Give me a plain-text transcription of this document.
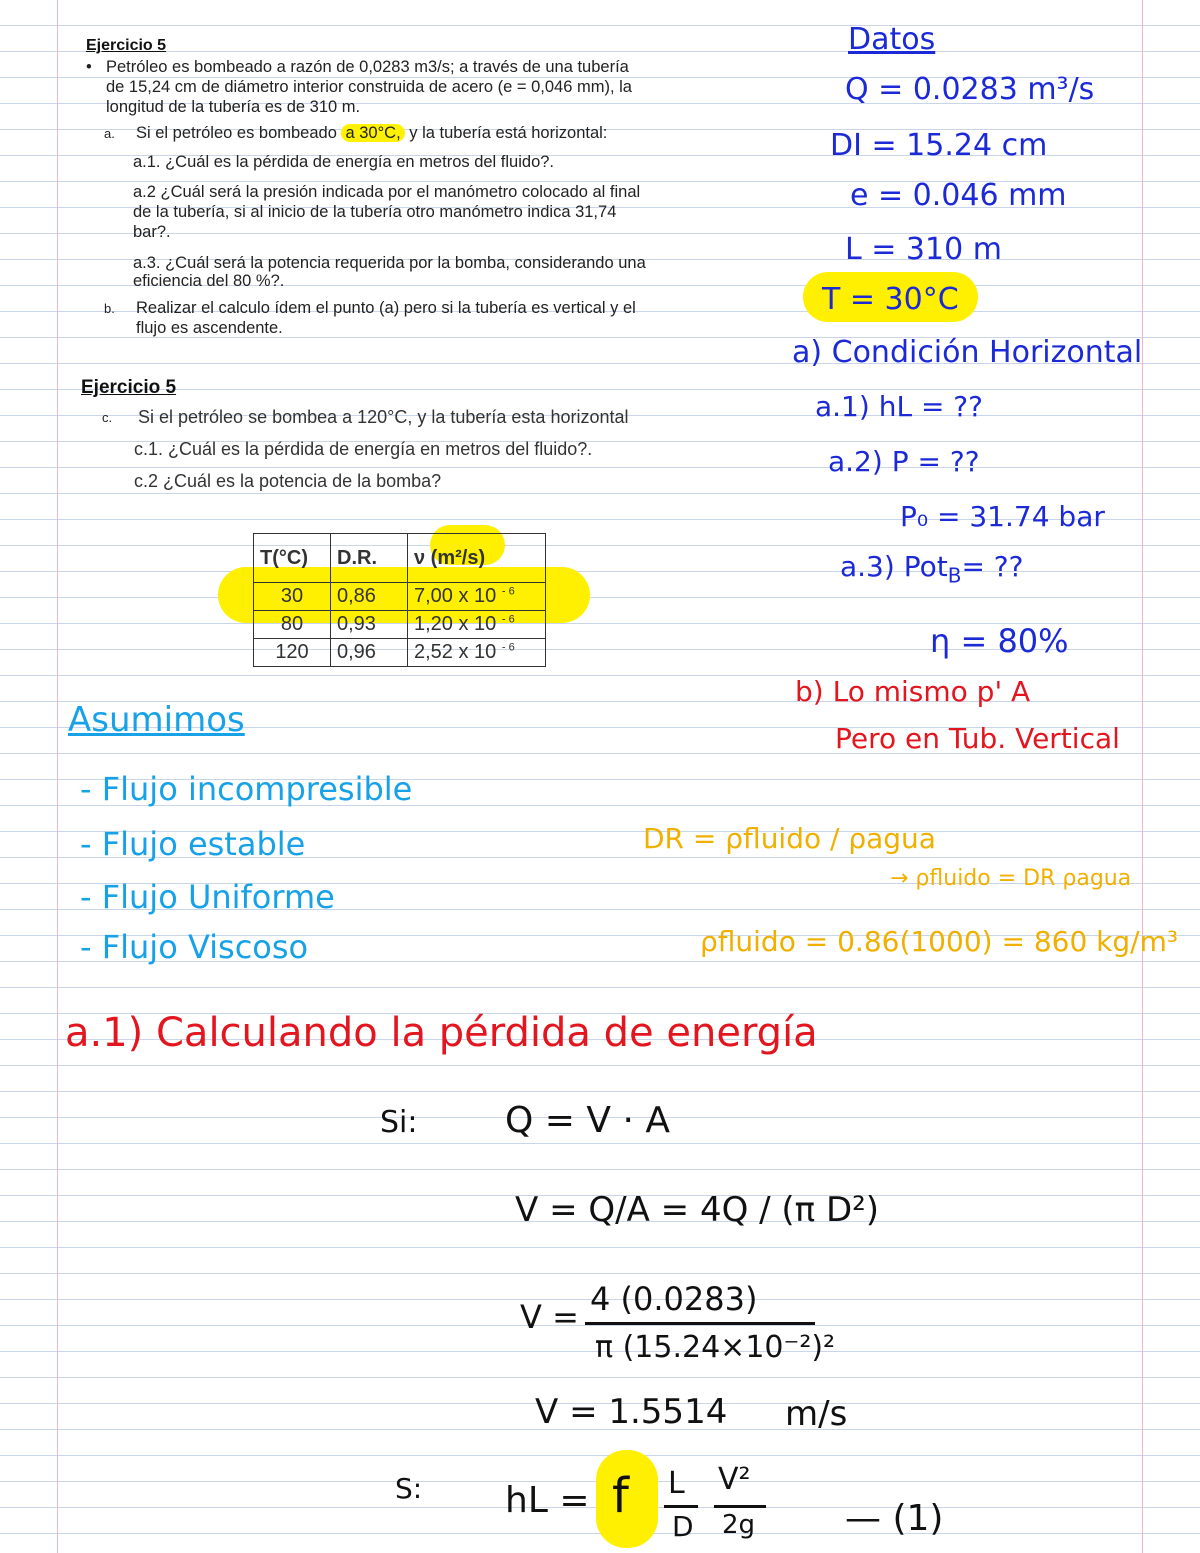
Ejercicio 5
• Petróleo es bombeado a razón de 0,0283 m3/s; a través de una tubería
de 15,24 cm de diámetro interior construida de acero (e = 0,046 mm), la
longitud de la tubería es de 310 m.
a. Si el petróleo es bombeado a 30°C, y la tubería está horizontal:
a.1. ¿Cuál es la pérdida de energía en metros del fluido?.
a.2 ¿Cuál será la presión indicada por el manómetro colocado al final
de la tubería, si al inicio de la tubería otro manómetro indica 31,74
bar?.
a.3. ¿Cuál será la potencia requerida por la bomba, considerando una
eficiencia del 80 %?.
b. Realizar el calculo ídem el punto (a) pero si la tubería es vertical y el
flujo es ascendente.
Ejercicio 5
c. Si el petróleo se bombea a 120°C, y la tubería esta horizontal
c.1. ¿Cuál es la pérdida de energía en metros del fluido?.
c.2 ¿Cuál es la potencia de la bomba?
T(°C)	D.R.	ν (m²/s)
30	0,86	7,00 x 10 $^{- 6}$
80	0,93	1,20 x 10 $^{- 6}$
120	0,96	2,52 x 10 $^{- 6}$
Datos
Q = 0.0283 m³/s
DI = 15.24 cm
e = 0.046 mm
L = 310 m
T = 30°C
a) Condición Horizontal
a.1) hL = ??
a.2) P = ??
P₀ = 31.74 bar
a.3) Pot$_B$= ??
η = 80%
b) Lo mismo p' A
Pero en Tub. Vertical
Asumimos
- Flujo incompresible
- Flujo estable
- Flujo Uniforme
- Flujo Viscoso
DR = ρfluido / ρagua
→ ρfluido = DR ρagua
ρfluido = 0.86(1000) = 860 kg/m³
a.1) Calculando la pérdida de energía
Si: Q = V · A
V = Q/A = 4Q / (π D²)
V = 4 (0.0283)
π (15.24×10⁻²)²
V = 1.5514 m/s
S: hL = f L
D
V²
2g — (1)
